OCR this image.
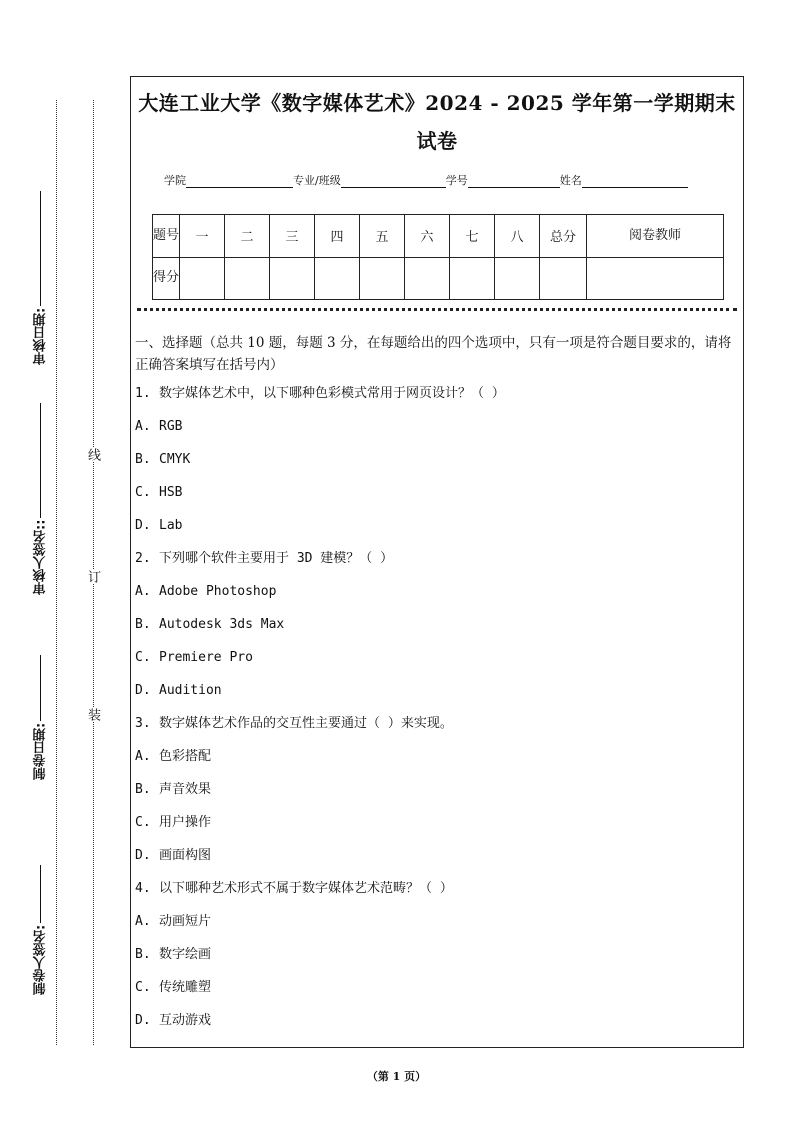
审核日期:
审核人签名::
制卷日期:
制卷人签名:
线
订
装
大连工业大学《数字媒体艺术》2024 - 2025 学年第一学期期末试卷
学院	专业/班级	学号	姓名
题号	一	二	三	四	五	六	七	八	总分	阅卷教师
得分										
一、选择题（总共 10 题，每题 3 分，在每题给出的四个选项中，只有一项是符合题目要求的，请将正确答案填写在括号内）
1. 数字媒体艺术中，以下哪种色彩模式常用于网页设计？（ ）
A. RGB
B. CMYK
C. HSB
D. Lab
2. 下列哪个软件主要用于 3D 建模？（ ）
A. Adobe Photoshop
B. Autodesk 3ds Max
C. Premiere Pro
D. Audition
3. 数字媒体艺术作品的交互性主要通过（ ）来实现。
A. 色彩搭配
B. 声音效果
C. 用户操作
D. 画面构图
4. 以下哪种艺术形式不属于数字媒体艺术范畴？（ ）
A. 动画短片
B. 数字绘画
C. 传统雕塑
D. 互动游戏
（第 1 页）
